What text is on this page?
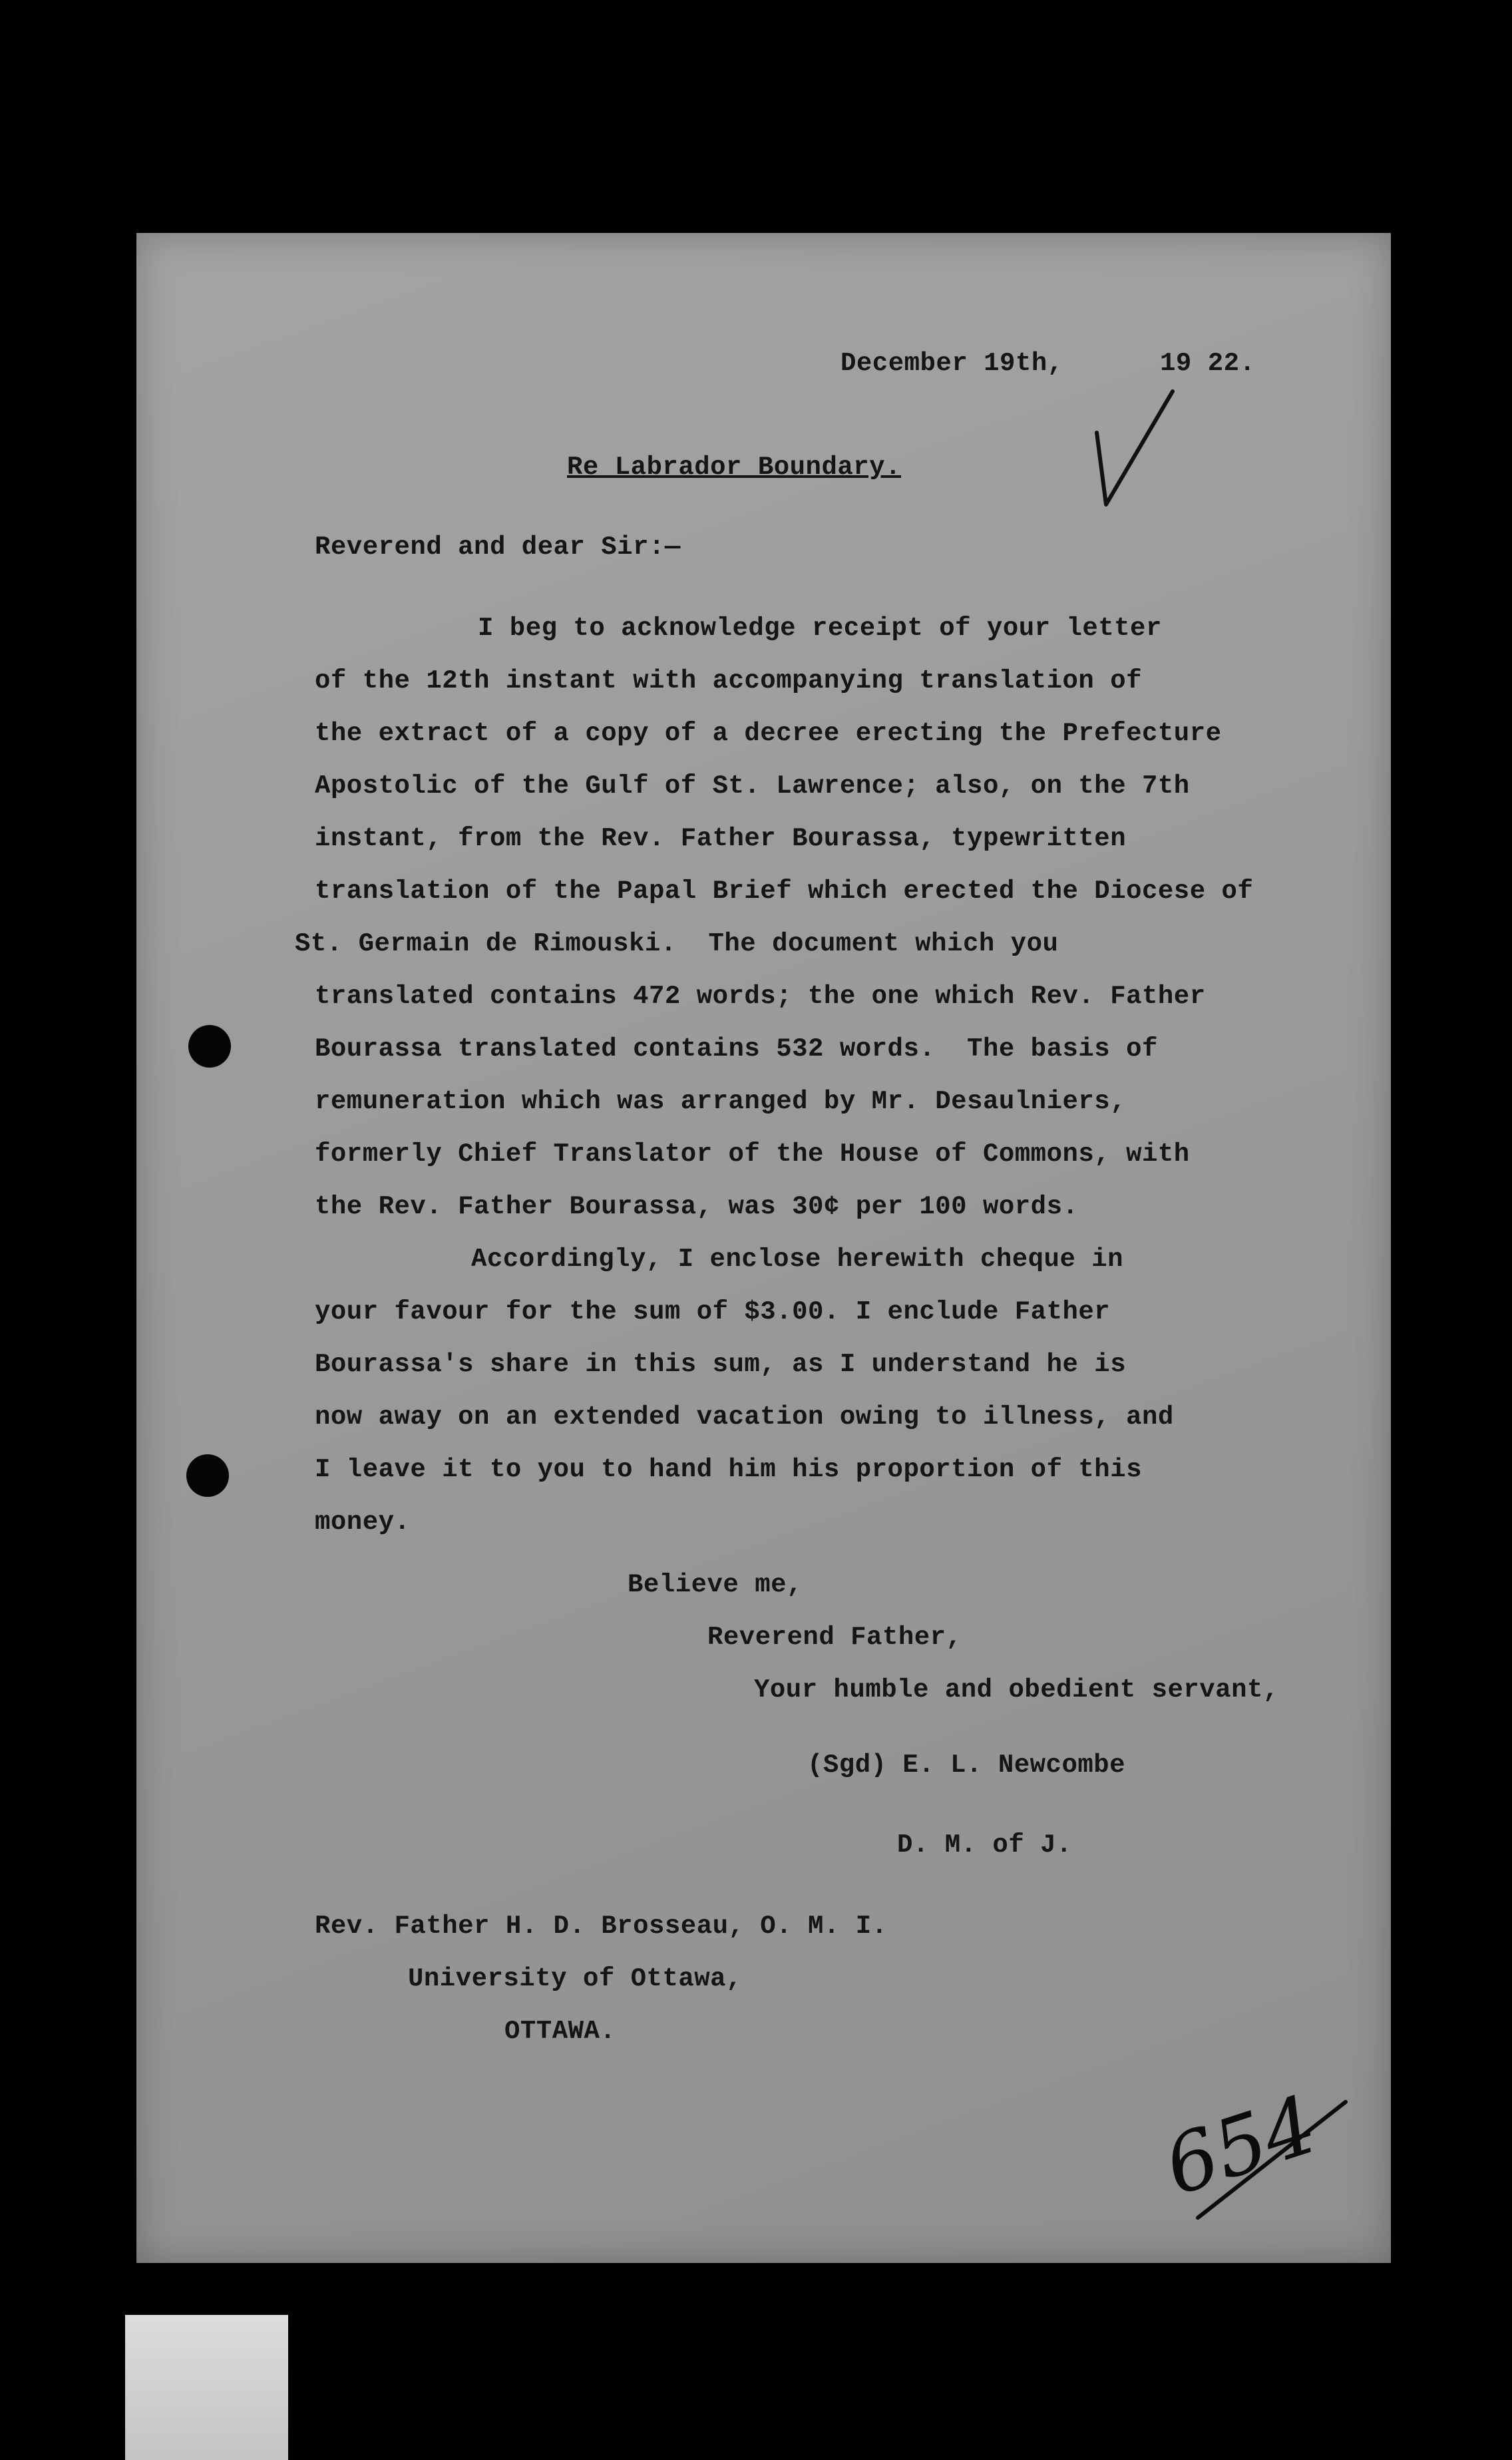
December 19th,	19 22.
Re Labrador Boundary.
Reverend and dear Sir:—
I beg to acknowledge receipt of your letter
of the 12th instant with accompanying translation of
the extract of a copy of a decree erecting the Prefecture
Apostolic of the Gulf of St. Lawrence; also, on the 7th
instant, from the Rev. Father Bourassa, typewritten
translation of the Papal Brief which erected the Diocese of
St. Germain de Rimouski.  The document which you
translated contains 472 words; the one which Rev. Father
Bourassa translated contains 532 words.  The basis of
remuneration which was arranged by Mr. Desaulniers,
formerly Chief Translator of the House of Commons, with
the Rev. Father Bourassa, was 30¢ per 100 words.
Accordingly, I enclose herewith cheque in
your favour for the sum of $3.00. I enclude Father
Bourassa's share in this sum, as I understand he is
now away on an extended vacation owing to illness, and
I leave it to you to hand him his proportion of this
money.
Believe me,
Reverend Father,
Your humble and obedient servant,
(Sgd) E. L. Newcombe
D. M. of J.
Rev. Father H. D. Brosseau, O. M. I.
University of Ottawa,
OTTAWA.
654
